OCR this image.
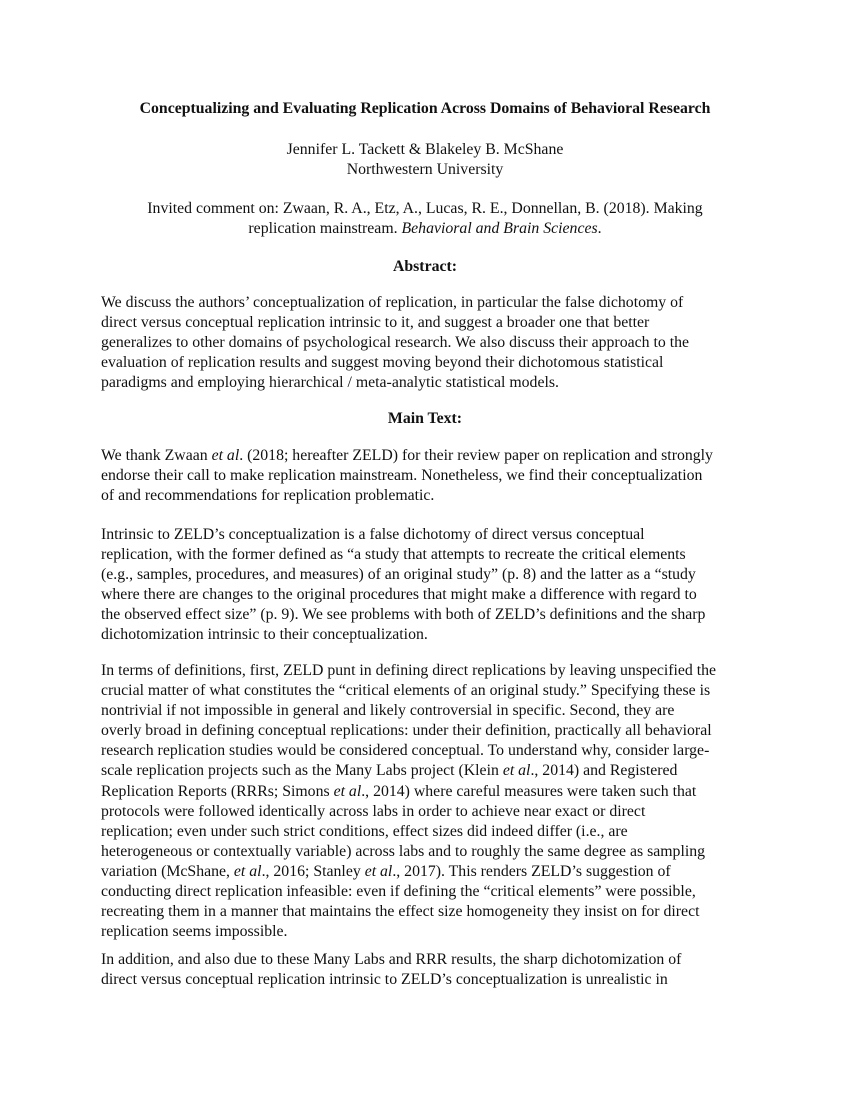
Conceptualizing and Evaluating Replication Across Domains of Behavioral Research

Jennifer L. Tackett & Blakeley B. McShane

Northwestern University

Invited comment on: Zwaan, R. A., Etz, A., Lucas, R. E., Donnellan, B. (2018). Making
replication mainstream. Behavioral and Brain Sciences.
Abstract:
We discuss the authors’ conceptualization of replication, in particular the false dichotomy of
direct versus conceptual replication intrinsic to it, and suggest a broader one that better
generalizes to other domains of psychological research. We also discuss their approach to the
evaluation of replication results and suggest moving beyond their dichotomous statistical
paradigms and employing hierarchical / meta-analytic statistical models.
Main Text:
We thank Zwaan et al. (2018; hereafter ZELD) for their review paper on replication and strongly
endorse their call to make replication mainstream. Nonetheless, we find their conceptualization
of and recommendations for replication problematic.
Intrinsic to ZELD’s conceptualization is a false dichotomy of direct versus conceptual
replication, with the former defined as “a study that attempts to recreate the critical elements
(e.g., samples, procedures, and measures) of an original study” (p. 8) and the latter as a “study
where there are changes to the original procedures that might make a difference with regard to
the observed effect size” (p. 9). We see problems with both of ZELD’s definitions and the sharp
dichotomization intrinsic to their conceptualization.
In terms of definitions, first, ZELD punt in defining direct replications by leaving unspecified the
crucial matter of what constitutes the “critical elements of an original study.” Specifying these is
nontrivial if not impossible in general and likely controversial in specific. Second, they are
overly broad in defining conceptual replications: under their definition, practically all behavioral
research replication studies would be considered conceptual. To understand why, consider large-
scale replication projects such as the Many Labs project (Klein et al., 2014) and Registered
Replication Reports (RRRs; Simons et al., 2014) where careful measures were taken such that
protocols were followed identically across labs in order to achieve near exact or direct
replication; even under such strict conditions, effect sizes did indeed differ (i.e., are
heterogeneous or contextually variable) across labs and to roughly the same degree as sampling
variation (McShane, et al., 2016; Stanley et al., 2017). This renders ZELD’s suggestion of
conducting direct replication infeasible: even if defining the “critical elements” were possible,
recreating them in a manner that maintains the effect size homogeneity they insist on for direct
replication seems impossible.
In addition, and also due to these Many Labs and RRR results, the sharp dichotomization of
direct versus conceptual replication intrinsic to ZELD’s conceptualization is unrealistic in
